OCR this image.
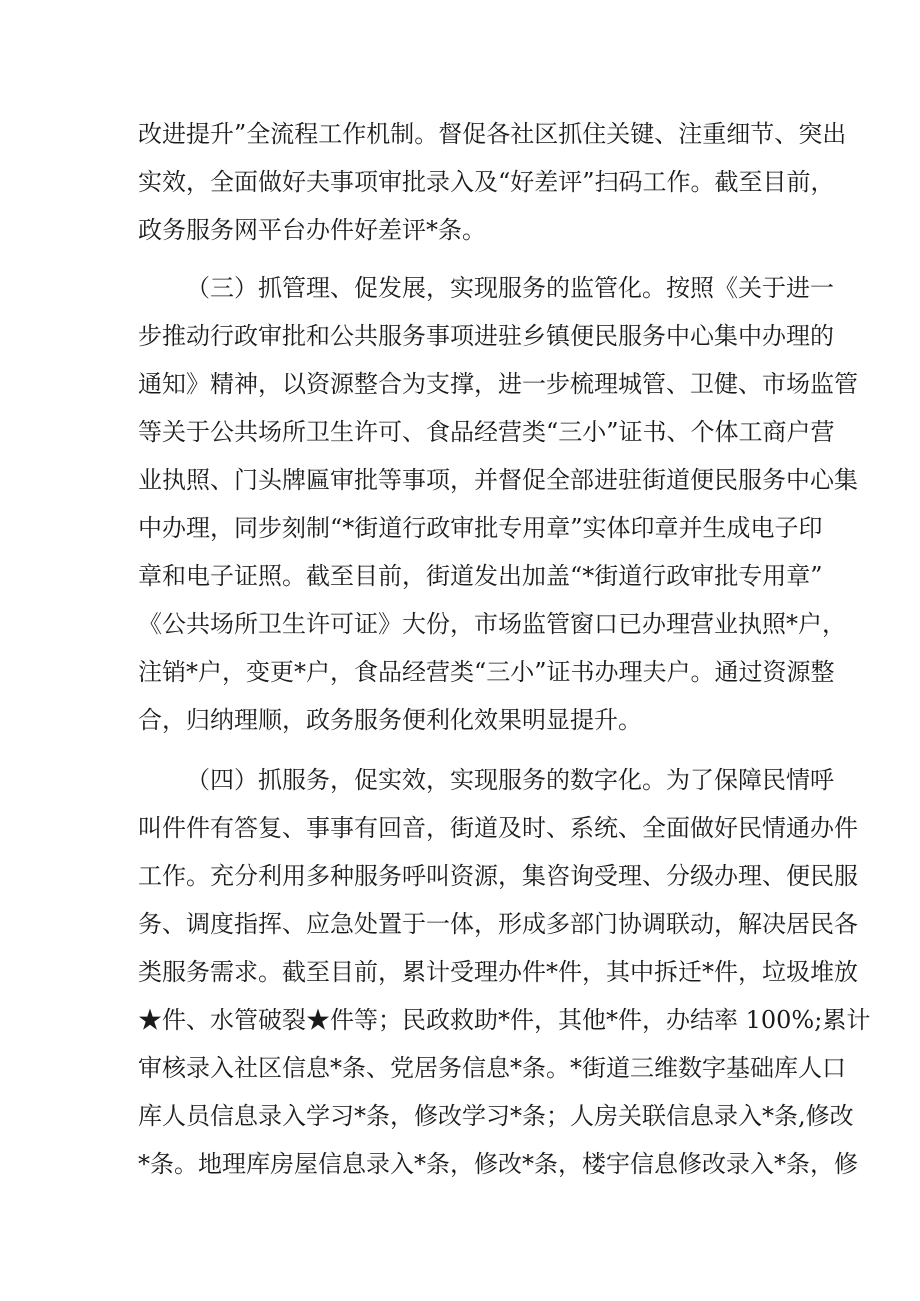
改进提升”全流程工作机制。督促各社区抓住关键、注重细节、突出
实效，全面做好夫事项审批录入及“好差评”扫码工作。截至目前，
政务服务网平台办件好差评*条。
（三）抓管理、促发展，实现服务的监管化。按照《关于进一
步推动行政审批和公共服务事项进驻乡镇便民服务中心集中办理的
通知》精神，以资源整合为支撑，进一步梳理城管、卫健、市场监管
等关于公共场所卫生许可、食品经营类“三小”证书、个体工商户营
业执照、门头牌匾审批等事项，并督促全部进驻街道便民服务中心集
中办理，同步刻制“*街道行政审批专用章”实体印章并生成电子印
章和电子证照。截至目前，街道发出加盖“*街道行政审批专用章”
《公共场所卫生许可证》大份，市场监管窗口已办理营业执照*户，
注销*户，变更*户，食品经营类“三小”证书办理夫户。通过资源整
合，归纳理顺，政务服务便利化效果明显提升。
（四）抓服务，促实效，实现服务的数字化。为了保障民情呼
叫件件有答复、事事有回音，街道及时、系统、全面做好民情通办件
工作。充分利用多种服务呼叫资源，集咨询受理、分级办理、便民服
务、调度指挥、应急处置于一体，形成多部门协调联动，解决居民各
类服务需求。截至目前，累计受理办件*件，其中拆迁*件，垃圾堆放
★件、水管破裂★件等；民政救助*件，其他*件，办结率 100%;累计
审核录入社区信息*条、党居务信息*条。*街道三维数字基础库人口
库人员信息录入学习*条，修改学习*条；人房关联信息录入*条,修改
*条。地理库房屋信息录入*条，修改*条，楼宇信息修改录入*条，修
